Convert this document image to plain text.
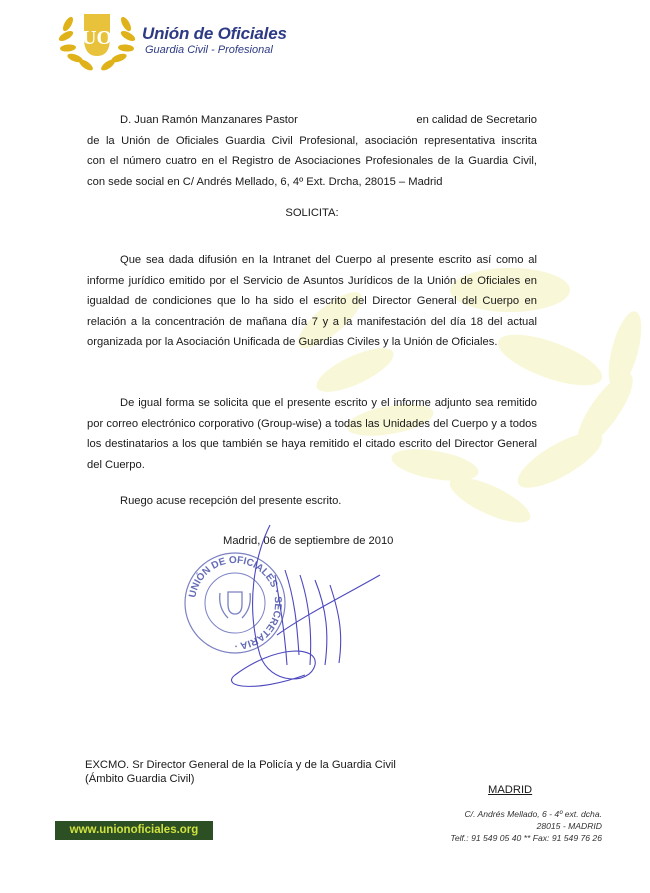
UO Unión de Oficiales
Guardia Civil - Profesional
D. Juan Ramón Manzanares Pastor	en calidad de Secretario
de la Unión de Oficiales Guardia Civil Profesional, asociación representativa inscrita
con el número cuatro en el Registro de Asociaciones Profesionales de la Guardia Civil,
con sede social en C/ Andrés Mellado, 6, 4º Ext. Drcha, 28015 – Madrid
SOLICITA:
Que sea dada difusión en la Intranet del Cuerpo al presente escrito así como al informe jurídico emitido por el Servicio de Asuntos Jurídicos de la Unión de Oficiales en igualdad de condiciones que lo ha sido el escrito del Director General del Cuerpo en relación a la concentración de mañana día 7 y a la manifestación del día 18 del actual organizada por la Asociación Unificada de Guardias Civiles y la Unión de Oficiales.
De igual forma se solicita que el presente escrito y el informe adjunto sea remitido por correo electrónico corporativo (Group-wise) a todas las Unidades del Cuerpo y a todos los destinatarios a los que también se haya remitido el citado escrito del Director General del Cuerpo.
Ruego acuse recepción del presente escrito.
Madrid, 06 de septiembre de 2010
UNIÓN DE OFICIALES · SECRETARIA ·
EXCMO. Sr Director General de la Policía y de la Guardia Civil
(Ámbito Guardia Civil)
MADRID
C/. Andrés Mellado, 6 - 4º ext. dcha.
28015 - MADRID
Telf.: 91 549 05 40 ** Fax: 91 549 76 26
www.unionoficiales.org
